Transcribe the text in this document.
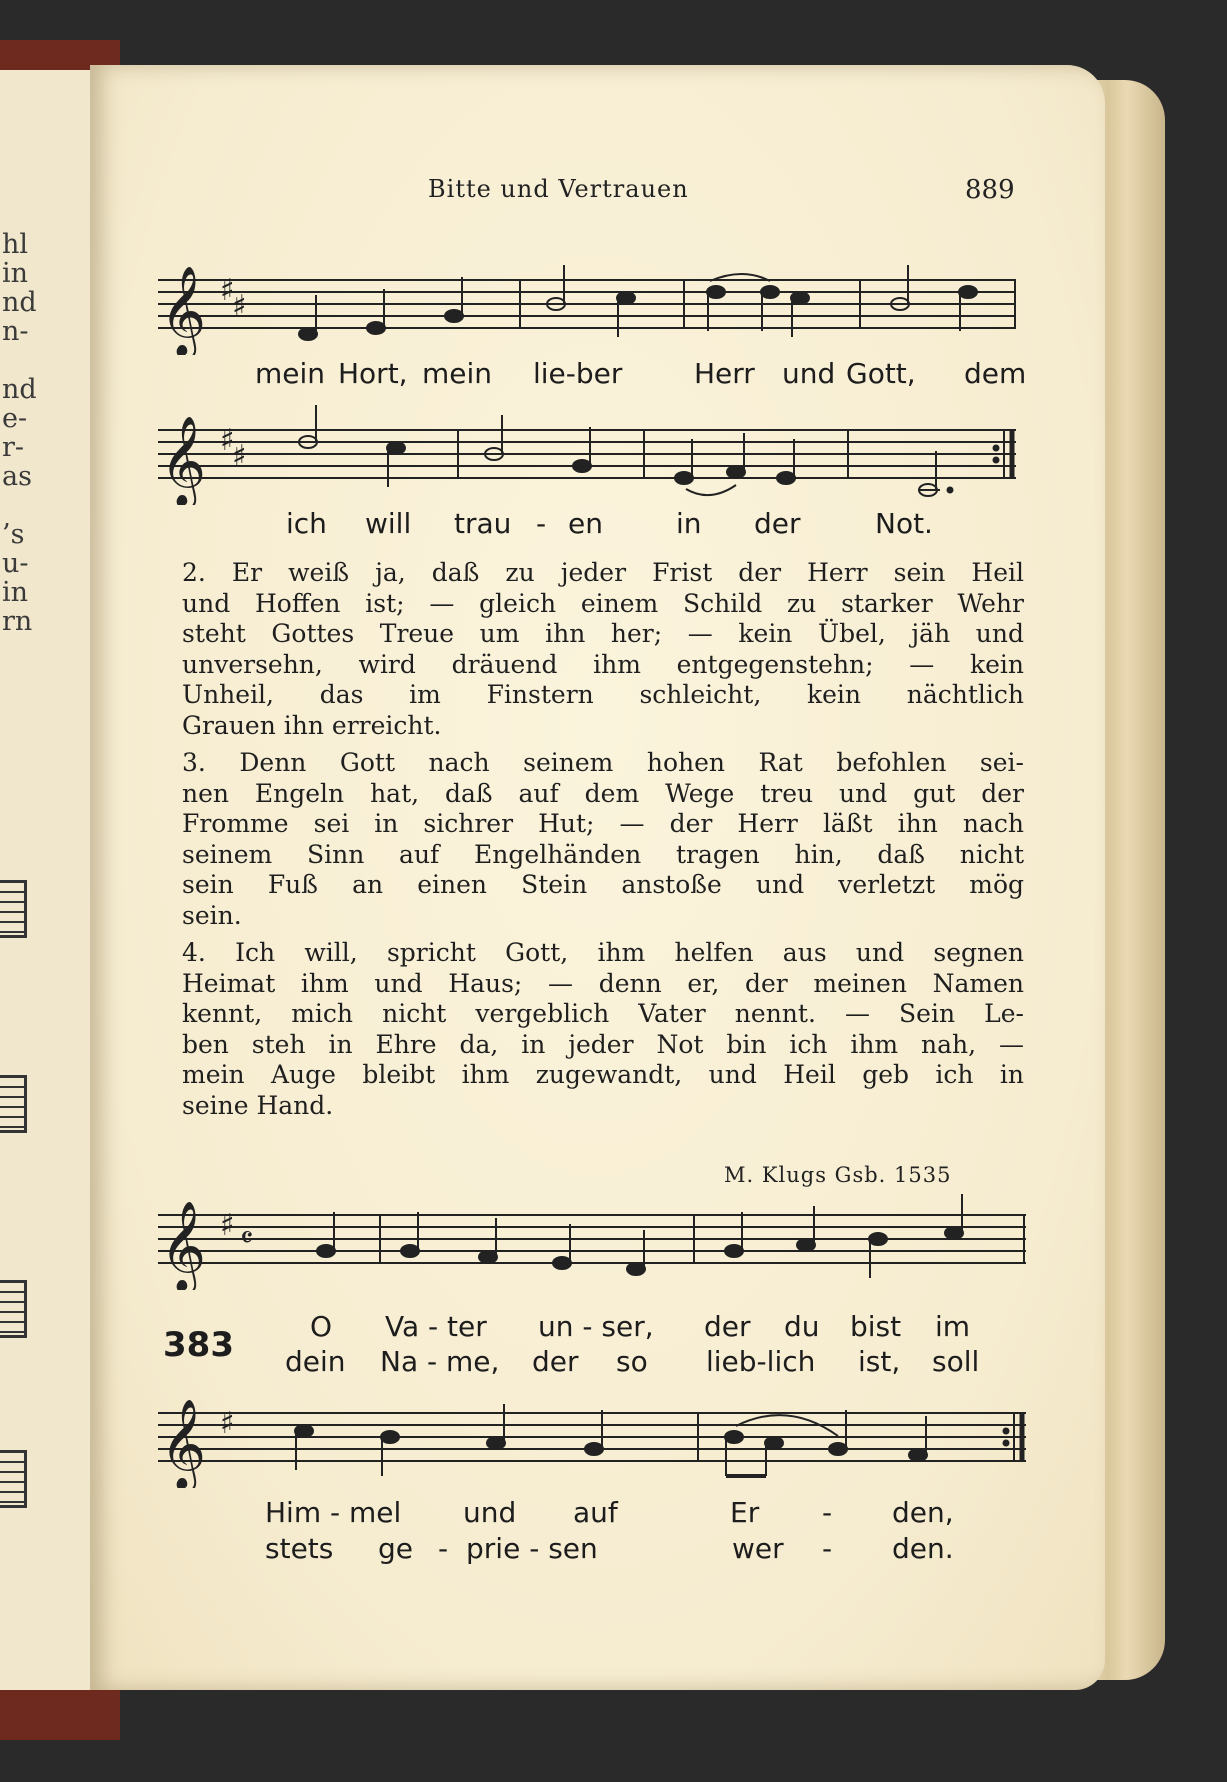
hl
in
nd
n-
nd
e-
r-
as
’s
u-
in
rn
Bitte und Vertrauen	889
𝄞 ♯
♯
mein Hort, mein lie-ber	Herr und Gott, dem
𝄞 ♯
♯
ich will trau - en	in der	Not.
2. Er weiß ja, daß zu jeder Frist der Herr sein Heil
und Hoffen ist; — gleich einem Schild zu starker Wehr
steht Gottes Treue um ihn her; — kein Übel, jäh und
unversehn, wird dräuend ihm entgegenstehn; — kein
Unheil, das im Finstern schleicht, kein nächtlich
Grauen ihn erreicht.
3. Denn Gott nach seinem hohen Rat befohlen sei-
nen Engeln hat, daß auf dem Wege treu und gut der
Fromme sei in sichrer Hut; — der Herr läßt ihn nach
seinem Sinn auf Engelhänden tragen hin, daß nicht
sein Fuß an einen Stein anstoße und verletzt mög
sein.
4. Ich will, spricht Gott, ihm helfen aus und segnen
Heimat ihm und Haus; — denn er, der meinen Namen
kennt, mich nicht vergeblich Vater nennt. — Sein Le-
ben steh in Ehre da, in jeder Not bin ich ihm nah, —
mein Auge bleibt ihm zugewandt, und Heil geb ich in
seine Hand.
M. Klugs Gsb. 1535
𝄞 ♯ 𝄴
383	O Va - ter un - ser, der du bist im
dein Na - me, der so lieb-lich ist, soll
𝄞 ♯
Him - mel und auf	Er - den,
stets ge - prie - sen	wer - den.
